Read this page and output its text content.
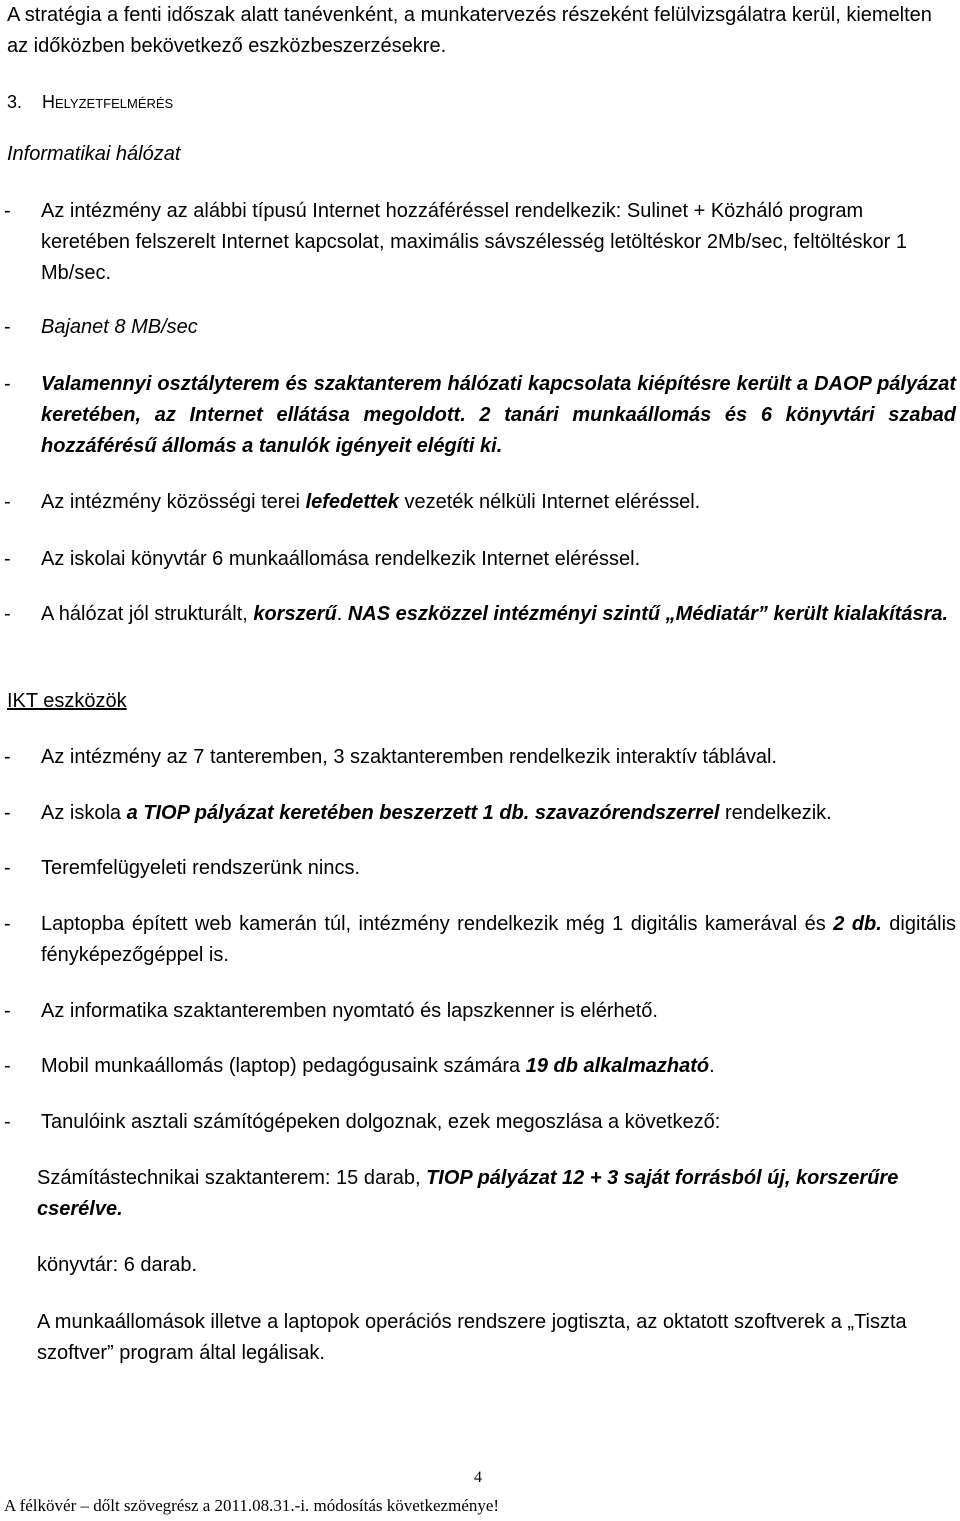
A stratégia a fenti időszak alatt tanévenként, a munkatervezés részeként felülvizsgálatra kerül, kiemelten az időközben bekövetkező eszközbeszerzésekre.

3. Helyzetfelmérés

Informatikai hálózat

-	Az intézmény az alábbi típusú Internet hozzáféréssel rendelkezik: Sulinet + Közháló program keretében felszerelt Internet kapcsolat, maximális sávszélesség letöltéskor 2Mb/sec, feltöltéskor 1 Mb/sec.
-	Bajanet 8 MB/sec
-	Valamennyi osztályterem és szaktanterem hálózati kapcsolata kiépítésre került a DAOP pályázat keretében, az Internet ellátása megoldott. 2 tanári munkaállomás és 6 könyvtári szabad hozzáférésű állomás a tanulók igényeit elégíti ki.
-	Az intézmény közösségi terei lefedettek vezeték nélküli Internet eléréssel.
-	Az iskolai könyvtár 6 munkaállomása rendelkezik Internet eléréssel.
-	A hálózat jól strukturált, korszerű. NAS eszközzel intézményi szintű „Médiatár” került kialakításra.

IKT eszközök

-	Az intézmény az 7 tanteremben, 3 szaktanteremben rendelkezik interaktív táblával.
-	Az iskola a TIOP pályázat keretében beszerzett 1 db. szavazórendszerrel rendelkezik.
-	Teremfelügyeleti rendszerünk nincs.
-	Laptopba épített web kamerán túl, intézmény rendelkezik még 1 digitális kamerával és 2 db. digitális fényképezőgéppel is.
-	Az informatika szaktanteremben nyomtató és lapszkenner is elérhető.
-	Mobil munkaállomás (laptop) pedagógusaink számára 19 db alkalmazható.
-	Tanulóink asztali számítógépeken dolgoznak, ezek megoszlása a következő:

Számítástechnikai szaktanterem: 15 darab, TIOP pályázat 12 + 3 saját forrásból új, korszerűre cserélve.

könyvtár: 6 darab.

A munkaállomások illetve a laptopok operációs rendszere jogtiszta, az oktatott szoftverek a „Tiszta szoftver” program által legálisak.

4
A félkövér – dőlt szövegrész a 2011.08.31.-i. módosítás következménye!
